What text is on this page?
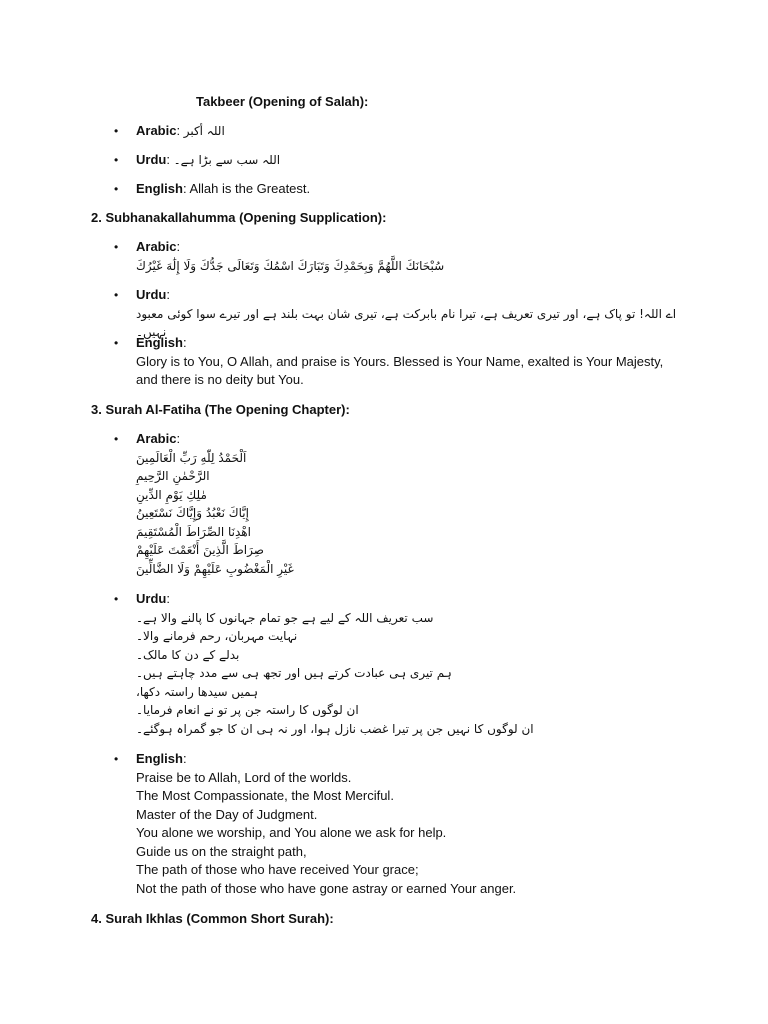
Takbeer (Opening of Salah):
• Arabic: اللہ أکبر
• Urdu: اللہ سب سے بڑا ہے۔
• English: Allah is the Greatest.
2. Subhanakallahumma (Opening Supplication):
• Arabic:
سُبْحَانَكَ اللَّهُمَّ وَبِحَمْدِكَ وَتَبَارَكَ اسْمُكَ وَتَعَالَى جَدُّكَ وَلَا إِلَٰهَ غَيْرُكَ
• Urdu:
اے اللہ! تو پاک ہے، اور تیری تعریف ہے، تیرا نام بابرکت ہے، تیری شان بہت بلند ہے اور تیرے سوا کوئی معبود نہیں۔
• English:
Glory is to You, O Allah, and praise is Yours. Blessed is Your Name, exalted is Your Majesty, and there is no deity but You.
3. Surah Al-Fatiha (The Opening Chapter):
• Arabic:
اَلْحَمْدُ لِلّٰهِ رَبِّ الْعَالَمِينَ
الرَّحْمٰنِ الرَّحِيمِ
مٰلِكِ يَوْمِ الدِّينِ
إِيَّاكَ نَعْبُدُ وَإِيَّاكَ نَسْتَعِينُ
اهْدِنَا الصِّرَاطَ الْمُسْتَقِيمَ
صِرَاطَ الَّذِينَ أَنْعَمْتَ عَلَيْهِمْ
غَيْرِ الْمَغْضُوبِ عَلَيْهِمْ وَلَا الضَّالِّينَ
• Urdu:
سب تعریف اللہ کے لیے ہے جو تمام جہانوں کا پالنے والا ہے۔
نہایت مہربان، رحم فرمانے والا۔
بدلے کے دن کا مالک۔
ہم تیری ہی عبادت کرتے ہیں اور تجھ ہی سے مدد چاہتے ہیں۔
ہمیں سیدھا راستہ دکھا،
ان لوگوں کا راستہ جن پر تو نے انعام فرمایا۔
ان لوگوں کا نہیں جن پر تیرا غضب نازل ہوا، اور نہ ہی ان کا جو گمراہ ہوگئے۔
• English:
Praise be to Allah, Lord of the worlds.
The Most Compassionate, the Most Merciful.
Master of the Day of Judgment.
You alone we worship, and You alone we ask for help.
Guide us on the straight path,
The path of those who have received Your grace;
Not the path of those who have gone astray or earned Your anger.
4. Surah Ikhlas (Common Short Surah):
